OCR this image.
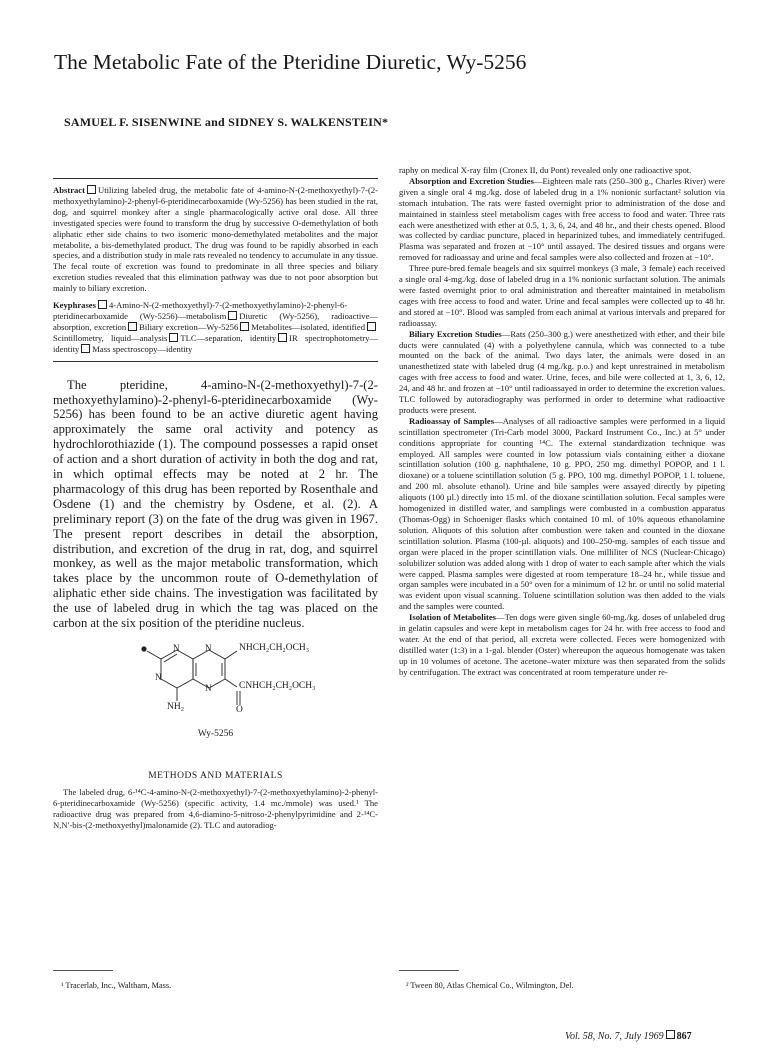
The Metabolic Fate of the Pteridine Diuretic, Wy-5256
SAMUEL F. SISENWINE and SIDNEY S. WALKENSTEIN*

Abstract Utilizing labeled drug, the metabolic fate of 4-amino-N-(2-methoxyethyl)-7-(2-methoxyethylamino)-2-phenyl-6-pteridinecarboxamide (Wy-5256) has been studied in the rat, dog, and squirrel monkey after a single pharmacologically active oral dose. All three investigated species were found to transform the drug by successive O-demethylation of both aliphatic ether side chains to two isomeric mono-demethylated metabolites and the major metabolite, a bis-demethylated product. The drug was found to be rapidly absorbed in each species, and a distribution study in male rats revealed no tendency to accumulate in any tissue. The fecal route of excretion was found to predominate in all three species and biliary excretion studies revealed that this elimination pathway was due to not poor absorption but mainly to biliary excretion.

Keyphrases 4-Amino-N-(2-methoxyethyl)-7-(2-methoxyethylamino)-2-phenyl-6-pteridinecarboxamide (Wy-5256)—metabolism Diuretic (Wy-5256), radioactive—absorption, excretion Biliary excretion—Wy-5256 Metabolites—isolated, identifiedScintillometry, liquid—analysis TLC—separation, identity IR spectrophotometry—identity Mass spectroscopy—identity

The pteridine, 4-amino-N-(2-methoxyethyl)-7-(2-methoxyethylamino)-2-phenyl-6-pteridinecarboxamide (Wy-5256) has been found to be an active diuretic agent having approximately the same oral activity and potency as hydrochlorothiazide (1). The compound possesses a rapid onset of action and a short duration of activity in both the dog and rat, in which optimal effects may be noted at 2 hr. The pharmacology of this drug has been reported by Rosenthale and Osdene (1) and the chemistry by Osdene, et al. (2). A preliminary report (3) on the fate of the drug was given in 1967. The present report describes in detail the absorption, distribution, and excretion of the drug in rat, dog, and squirrel monkey, as well as the major metabolic transformation, which takes place by the uncommon route of O-demethylation of aliphatic ether side chains. The investigation was facilitated by the use of labeled drug in which the tag was placed on the carbon at the six position of the pteridine nucleus.

N
N	N
N
NHCH₂CH₂OCH₃
CNHCH₂CH₂OCH₃
O
NH₂
Wy-5256
METHODS AND MATERIALS

The labeled drug, 6-¹⁴C-4-amino-N-(2-methoxyethyl)-7-(2-methoxyethylamino)-2-phenyl-6-pteridinecarboxamide (Wy-5256) (specific activity, 1.4 mc./mmole) was used.¹ The radioactive drug was prepared from 4,6-diamino-5-nitroso-2-phenylpyrimidine and 2-¹⁴C-N,N′-bis-(2-methoxyethyl)malonamide (2). TLC and autoradiog-

raphy on medical X-ray film (Cronex II, du Pont) revealed only one radioactive spot.

Absorption and Excretion Studies—Eighteen male rats (250–300 g., Charles River) were given a single oral 4 mg./kg. dose of labeled drug in a 1% nonionic surfactant² solution via stomach intubation. The rats were fasted overnight prior to administration of the dose and maintained in stainless steel metabolism cages with free access to food and water. Three rats each were anesthetized with ether at 0.5, 1, 3, 6, 24, and 48 hr., and their chests opened. Blood was collected by cardiac puncture, placed in heparinized tubes, and immediately centrifuged. Plasma was separated and frozen at −10° until assayed. The desired tissues and organs were removed for radioassay and urine and fecal samples were also collected and frozen at −10°.

Three pure-bred female beagels and six squirrel monkeys (3 male, 3 female) each received a single oral 4-mg./kg. dose of labeled drug in a 1% nonionic surfactant solution. The animals were fasted overnight prior to oral administration and thereafter maintained in metabolism cages with free access to food and water. Urine and fecal samples were collected up to 48 hr. and stored at −10°. Blood was sampled from each animal at various intervals and prepared for radioassay.

Biliary Excretion Studies—Rats (250–300 g.) were anesthetized with ether, and their bile ducts were cannulated (4) with a polyethylene cannula, which was connected to a tube mounted on the back of the animal. Two days later, the animals were dosed in an unanesthetized state with labeled drug (4 mg./kg. p.o.) and kept unrestrained in metabolism cages with free access to food and water. Urine, feces, and bile were collected at 1, 3, 6, 12, 24, and 48 hr. and frozen at −10° until radioassayed in order to determine the excretion values. TLC followed by autoradiography was performed in order to determine what radioactive products were present.

Radioassay of Samples—Analyses of all radioactive samples were performed in a liquid scintillation spectrometer (Tri-Carb model 3000, Packard Instrument Co., Inc.) at 5° under conditions appropriate for counting ¹⁴C. The external standardization technique was employed. All samples were counted in low potassium vials containing either a dioxane scintillation solution (100 g. naphthalene, 10 g. PPO, 250 mg. dimethyl POPOP, and 1 l. dioxane) or a toluene scintillation solution (5 g. PPO, 100 mg. dimethyl POPOP, 1 l. toluene, and 200 ml. absolute ethanol). Urine and bile samples were assayed directly by pipeting aliquots (100 µl.) directly into 15 ml. of the dioxane scintillation solution. Fecal samples were homogenized in distilled water, and samplings were combusted in a combustion apparatus (Thomas-Ogg) in Schoeniger flasks which contained 10 ml. of 10% aqueous ethanolamine solution. Aliquots of this solution after combustion were taken and counted in the dioxane scintillation solution. Plasma (100-µl. aliquots) and 100–250-mg. samples of each tissue and organ were placed in the proper scintillation vials. One milliliter of NCS (Nuclear-Chicago) solubilizer solution was added along with 1 drop of water to each sample after which the vials were capped. Plasma samples were digested at room temperature 18–24 hr., while tissue and organ samples were incubated in a 50° oven for a minimum of 12 hr. or until no solid material was evident upon visual scanning. Toluene scintillation solution was then added to the vials and the samples were counted.

Isolation of Metabolites—Ten dogs were given single 60-mg./kg. doses of unlabeled drug in gelatin capsules and were kept in metabolism cages for 24 hr. with free access to food and water. At the end of that period, all excreta were collected. Feces were homogenized with distilled water (1:3) in a 1-gal. blender (Oster) whereupon the aqueous homogenate was taken up in 10 volumes of acetone. The acetone–water mixture was then separated from the solids by centrifugation. The extract was concentrated at room temperature under re-

¹ Tracerlab, Inc., Waltham, Mass.	² Tween 80, Atlas Chemical Co., Wilmington, Del.
Vol. 58, No. 7, July 1969 867
